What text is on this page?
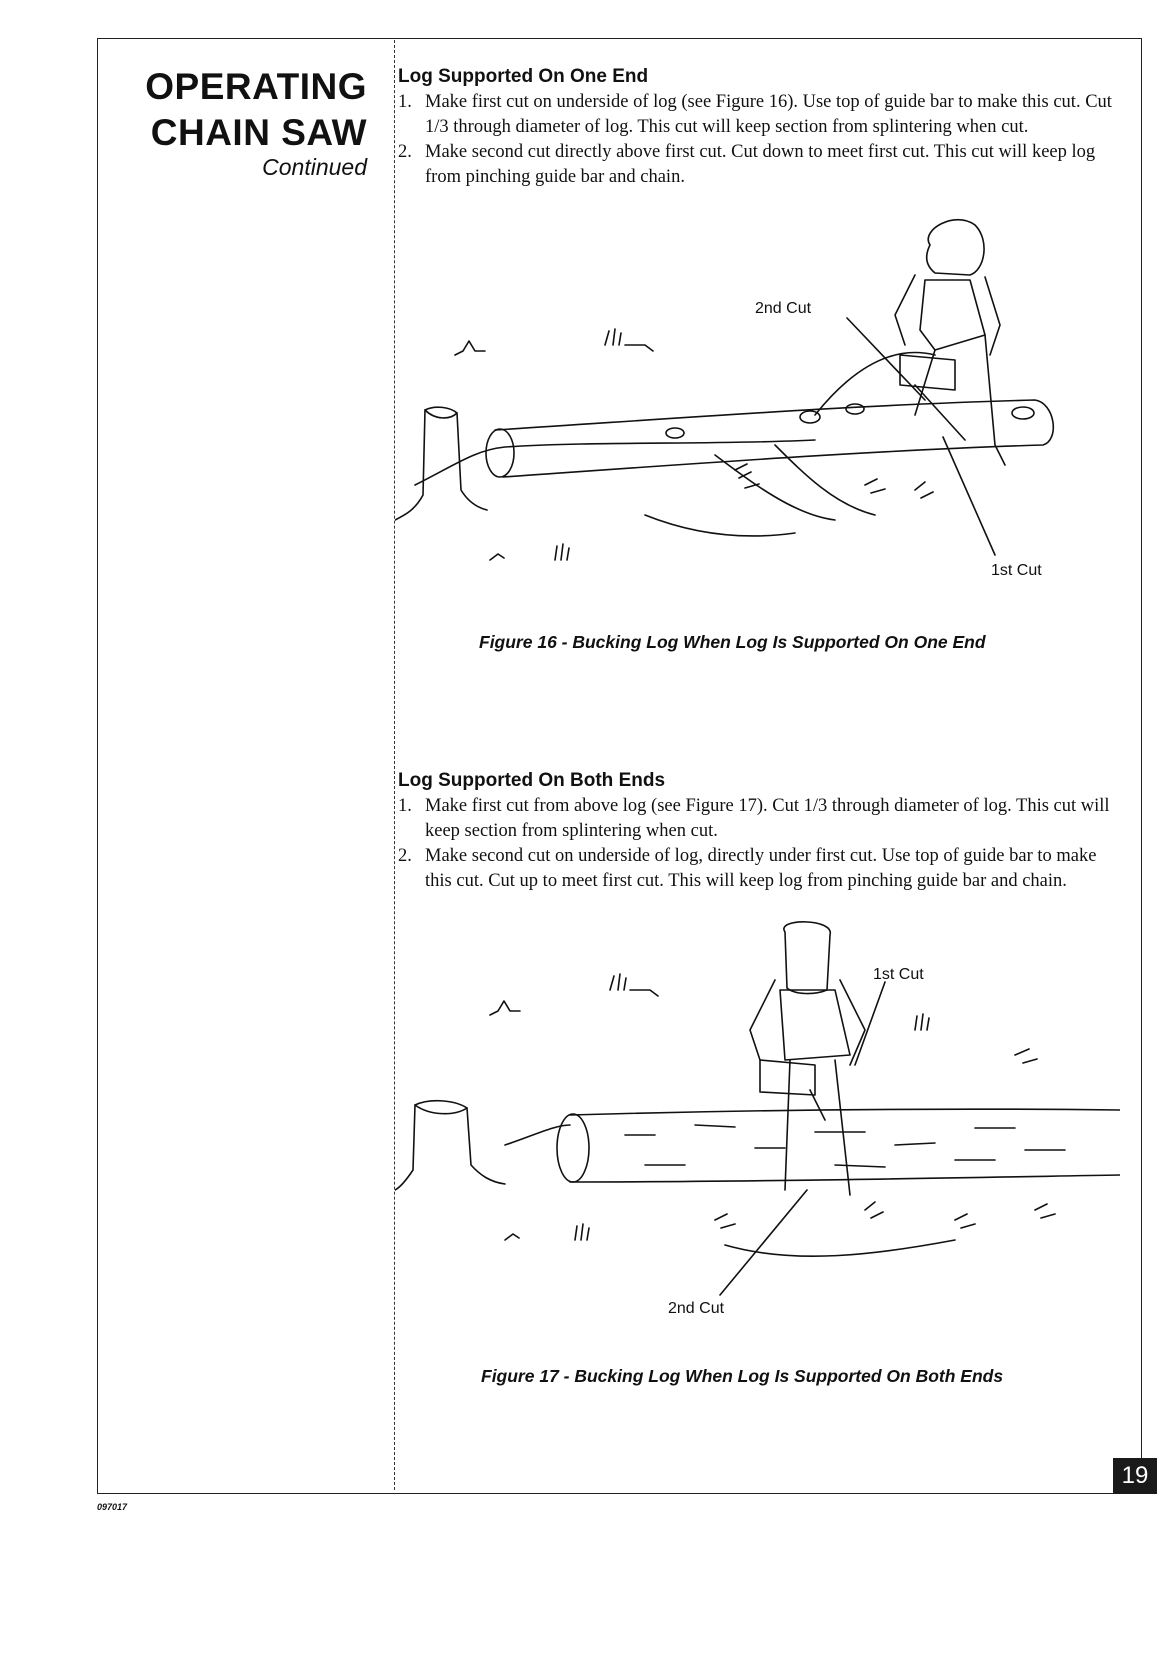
OPERATING
CHAIN SAW
Continued
Log Supported On One End
1. Make first cut on underside of log (see Figure 16). Use top of guide bar to make this cut. Cut 1/3 through diameter of log. This cut will keep section from splintering when cut.
2. Make second cut directly above first cut. Cut down to meet first cut. This cut will keep log from pinching guide bar and chain.
2nd Cut
1st Cut
Figure 16 - Bucking Log When Log Is Supported On One End
Log Supported On Both Ends
1. Make first cut from above log (see Figure 17). Cut 1/3 through diameter of log. This cut will keep section from splintering when cut.
2. Make second cut on underside of log, directly under first cut. Use top of guide bar to make this cut. Cut up to meet first cut. This will keep log from pinching guide bar and chain.
1st Cut
2nd Cut
Figure 17 - Bucking Log When Log Is Supported On Both Ends
19
097017
